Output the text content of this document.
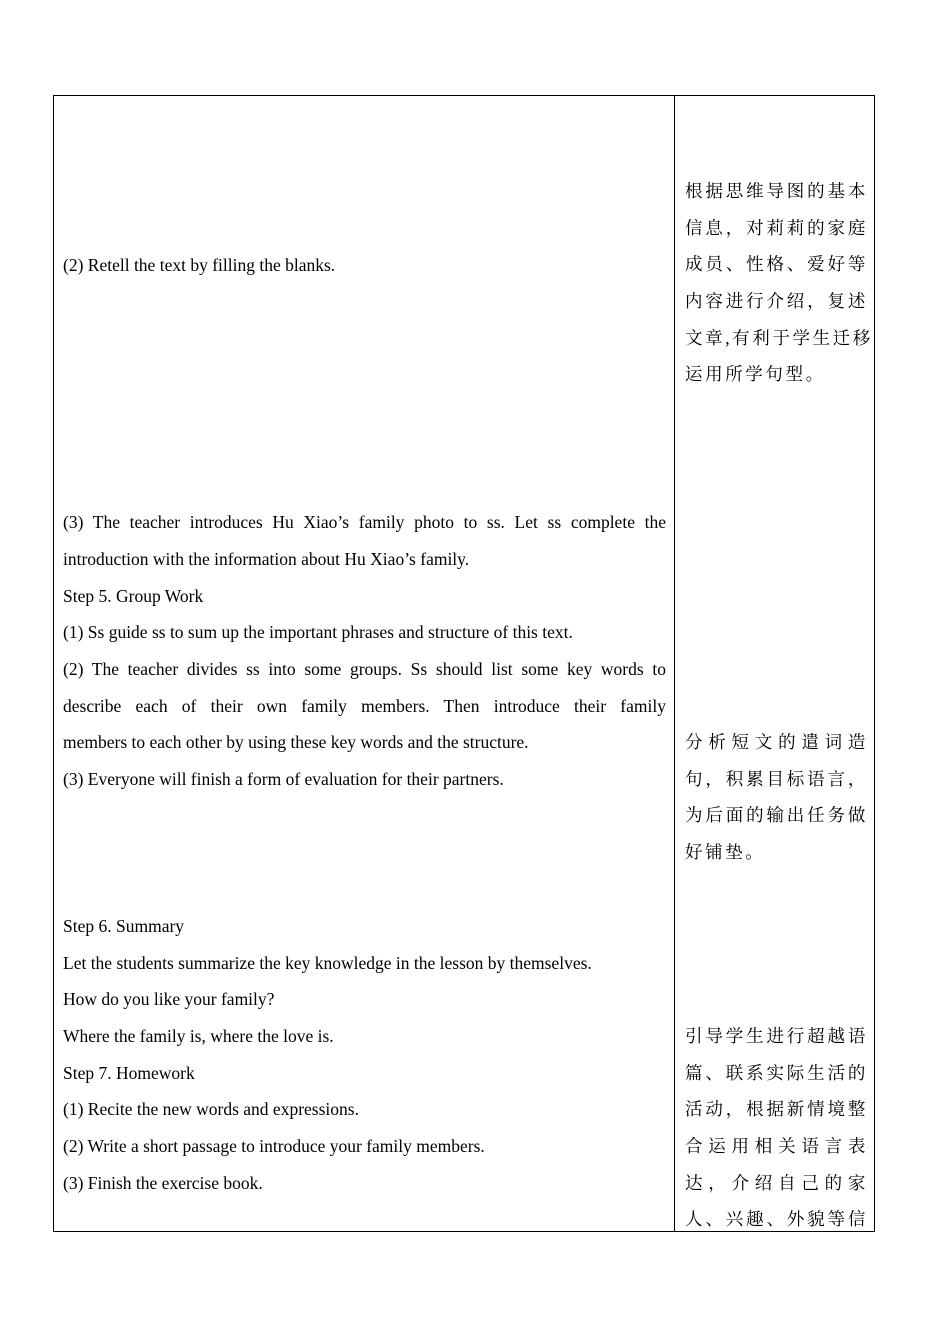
(2) Retell the text by filling the blanks.
(3) The teacher introduces Hu Xiao’s family photo to ss. Let ss complete the
introduction with the information about Hu Xiao’s family.
Step 5. Group Work
(1) Ss guide ss to sum up the important phrases and structure of this text.
(2) The teacher divides ss into some groups. Ss should list some key words to
describe each of their own family members. Then introduce their family
members to each other by using these key words and the structure.
(3) Everyone will finish a form of evaluation for their partners.
Step 6. Summary
Let the students summarize the key knowledge in the lesson by themselves.
How do you like your family?
Where the family is, where the love is.
Step 7. Homework
(1) Recite the new words and expressions.
(2) Write a short passage to introduce your family members.
(3) Finish the exercise book.
根据思维导图的基本
信息，对莉莉的家庭
成员、性格、爱好等
内容进行介绍，复述
文章,有利于学生迁移
运用所学句型。
分析短文的遣词造
句，积累目标语言，
为后面的输出任务做
好铺垫。
引导学生进行超越语
篇、联系实际生活的
活动，根据新情境整
合运用相关语言表
达，介绍自己的家
人、兴趣、外貌等信
